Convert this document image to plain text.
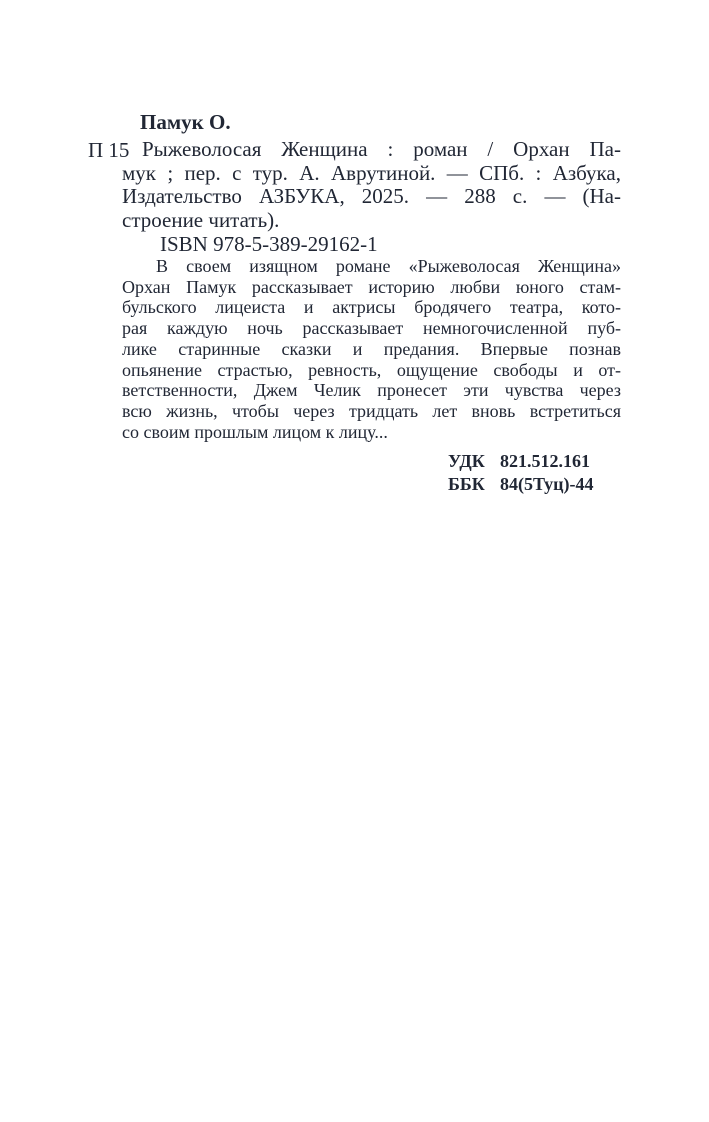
Памук О.
П 15 Рыжеволосая Женщина : роман / Орхан Па-
мук ; пер. с тур. А. Аврутиной. — СПб. : Азбука,
Издательство АЗБУКА, 2025. — 288 с. — (На-
строение читать).
ISBN 978-5-389-29162-1
В своем изящном романе «Рыжеволосая Женщина»
Орхан Памук рассказывает историю любви юного стам-
бульского лицеиста и актрисы бродячего театра, кото-
рая каждую ночь рассказывает немногочисленной пуб-
лике старинные сказки и предания. Впервые познав
опьянение страстью, ревность, ощущение свободы и от-
ветственности, Джем Челик пронесет эти чувства через
всю жизнь, чтобы через тридцать лет вновь встретиться
со своим прошлым лицом к лицу...
УДК 821.512.161
ББК 84(5Туц)-44
